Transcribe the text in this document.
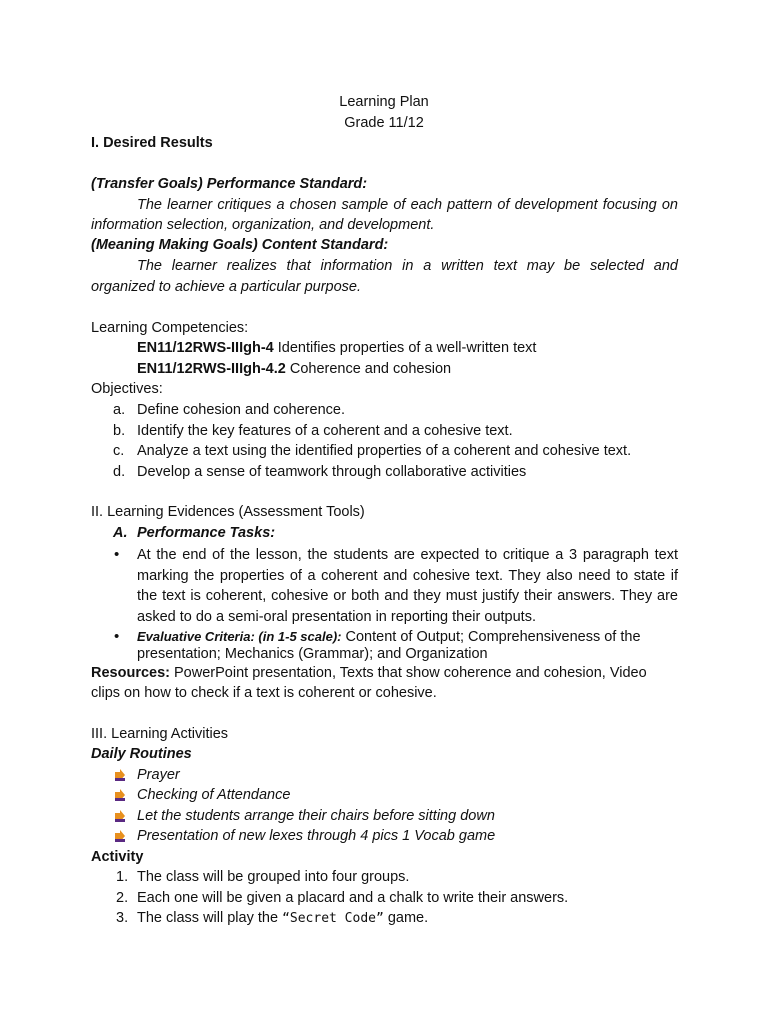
Learning Plan
Grade 11/12
I. Desired Results
(Transfer Goals) Performance Standard:
The learner critiques a chosen sample of each pattern of development focusing on
information selection, organization, and development.
(Meaning Making Goals) Content Standard:
The learner realizes that information in a written text may be selected and
organized to achieve a particular purpose.
Learning Competencies:
EN11/12RWS-IIIgh-4 Identifies properties of a well-written text
EN11/12RWS-IIIgh-4.2 Coherence and cohesion
Objectives:
a. Define cohesion and coherence.
b. Identify the key features of a coherent and a cohesive text.
c. Analyze a text using the identified properties of a coherent and cohesive text.
d. Develop a sense of teamwork through collaborative activities
II. Learning Evidences (Assessment Tools)
A. Performance Tasks:
• At the end of the lesson, the students are expected to critique a 3 paragraph text
marking the properties of a coherent and cohesive text. They also need to state if
the text is coherent, cohesive or both and they must justify their answers. They are
asked to do a semi-oral presentation in reporting their outputs.
• Evaluative Criteria: (in 1-5 scale): Content of Output; Comprehensiveness of the
presentation; Mechanics (Grammar); and Organization
Resources: PowerPoint presentation, Texts that show coherence and cohesion, Video
clips on how to check if a text is coherent or cohesive.
III. Learning Activities
Daily Routines
Prayer
Checking of Attendance
Let the students arrange their chairs before sitting down
Presentation of new lexes through 4 pics 1 Vocab game
Activity
1. The class will be grouped into four groups.
2. Each one will be given a placard and a chalk to write their answers.
3. The class will play the “Secret Code” game.
